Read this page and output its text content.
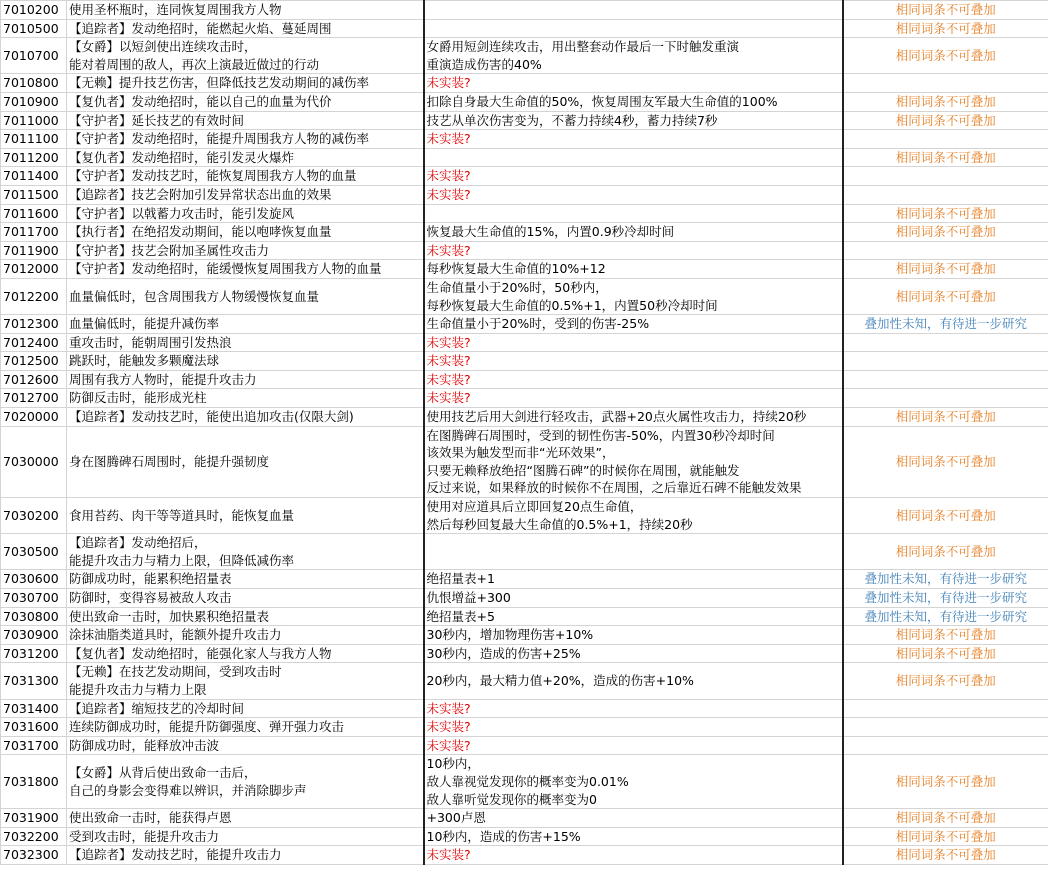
7010200	使用圣杯瓶时，连同恢复周围我方人物		相同词条不可叠加
7010500	【追踪者】发动绝招时，能燃起火焰、蔓延周围		相同词条不可叠加
7010700	【女爵】以短剑使出连续攻击时，
能对着周围的敌人，再次上演最近做过的行动	女爵用短剑连续攻击，用出整套动作最后一下时触发重演
重演造成伤害的40%	相同词条不可叠加
7010800	【无赖】提升技艺伤害，但降低技艺发动期间的减伤率	未实装?	

7010900	【复仇者】发动绝招时，能以自己的血量为代价	扣除自身最大生命值的50%，恢复周围友军最大生命值的100%	相同词条不可叠加
7011000	【守护者】延长技艺的有效时间	技艺从单次伤害变为，不蓄力持续4秒，蓄力持续7秒	相同词条不可叠加
7011100	【守护者】发动绝招时，能提升周围我方人物的减伤率	未实装?	

7011200	【复仇者】发动绝招时，能引发灵火爆炸		相同词条不可叠加
7011400	【守护者】发动技艺时，能恢复周围我方人物的血量	未实装?	

7011500	【追踪者】技艺会附加引发异常状态出血的效果	未实装?	

7011600	【守护者】以戟蓄力攻击时，能引发旋风		相同词条不可叠加
7011700	【执行者】在绝招发动期间，能以咆哮恢复血量	恢复最大生命值的15%，内置0.9秒冷却时间	相同词条不可叠加
7011900	【守护者】技艺会附加圣属性攻击力	未实装?	

7012000	【守护者】发动绝招时，能缓慢恢复周围我方人物的血量	每秒恢复最大生命值的10%+12	相同词条不可叠加
7012200	血量偏低时，包含周围我方人物缓慢恢复血量	生命值量小于20%时，50秒内，
每秒恢复最大生命值的0.5%+1，内置50秒冷却时间	相同词条不可叠加
7012300	血量偏低时，能提升减伤率	生命值量小于20%时，受到的伤害-25%	叠加性未知，有待进一步研究
7012400	重攻击时，能朝周围引发热浪	未实装?	

7012500	跳跃时，能触发多颗魔法球	未实装?	

7012600	周围有我方人物时，能提升攻击力	未实装?	

7012700	防御反击时，能形成光柱	未实装?	

7020000	【追踪者】发动技艺时，能使出追加攻击(仅限大剑)	使用技艺后用大剑进行轻攻击，武器+20点火属性攻击力，持续20秒	相同词条不可叠加
7030000	身在图腾碑石周围时，能提升强韧度	在图腾碑石周围时，受到的韧性伤害-50%，内置30秒冷却时间
该效果为触发型而非“光环效果”，
只要无赖释放绝招“图腾石碑”的时候你在周围，就能触发
反过来说，如果释放的时候你不在周围，之后靠近石碑不能触发效果	相同词条不可叠加
7030200	食用苔药、肉干等等道具时，能恢复血量	使用对应道具后立即回复20点生命值，
然后每秒回复最大生命值的0.5%+1，持续20秒	相同词条不可叠加
7030500	【追踪者】发动绝招后，
能提升攻击力与精力上限，但降低减伤率		相同词条不可叠加
7030600	防御成功时，能累积绝招量表	绝招量表+1	叠加性未知，有待进一步研究
7030700	防御时，变得容易被敌人攻击	仇恨增益+300	叠加性未知，有待进一步研究
7030800	使出致命一击时，加快累积绝招量表	绝招量表+5	叠加性未知，有待进一步研究
7030900	涂抹油脂类道具时，能额外提升攻击力	30秒内，增加物理伤害+10%	相同词条不可叠加
7031200	【复仇者】发动绝招时，能强化家人与我方人物	30秒内，造成的伤害+25%	相同词条不可叠加
7031300	【无赖】在技艺发动期间，受到攻击时
能提升攻击力与精力上限	20秒内，最大精力值+20%，造成的伤害+10%	相同词条不可叠加
7031400	【追踪者】缩短技艺的冷却时间	未实装?	

7031600	连续防御成功时，能提升防御强度、弹开强力攻击	未实装?	

7031700	防御成功时，能释放冲击波	未实装?	

7031800	【女爵】从背后使出致命一击后，
自己的身影会变得难以辨识，并消除脚步声	10秒内，
敌人靠视觉发现你的概率变为0.01%
敌人靠听觉发现你的概率变为0	相同词条不可叠加
7031900	使出致命一击时，能获得卢恩	+300卢恩	相同词条不可叠加
7032200	受到攻击时，能提升攻击力	10秒内，造成的伤害+15%	相同词条不可叠加
7032300	【追踪者】发动技艺时，能提升攻击力	未实装?	相同词条不可叠加
